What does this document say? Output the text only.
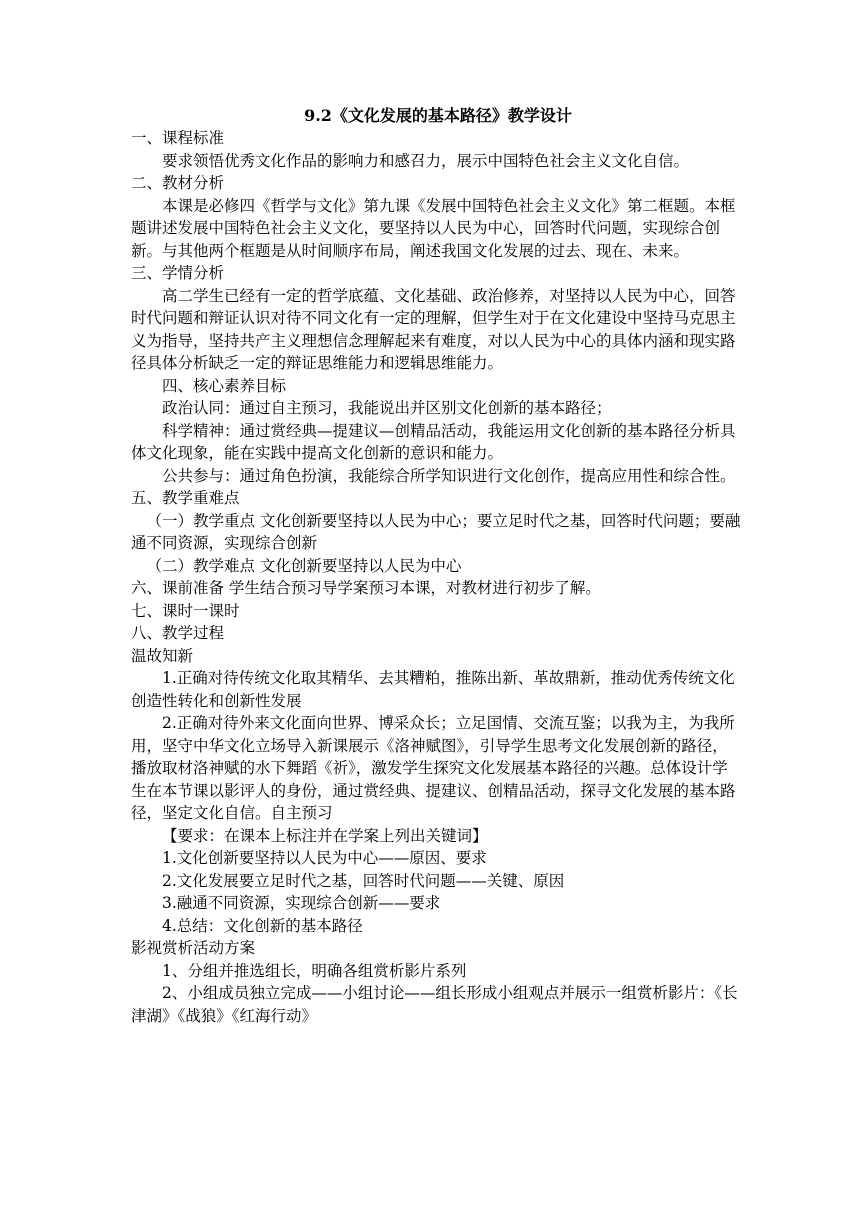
9.2《文化发展的基本路径》教学设计

一、课程标准

要求领悟优秀文化作品的影响力和感召力，展示中国特色社会主义文化自信。

二、教材分析

本课是必修四《哲学与文化》第九课《发展中国特色社会主义文化》第二框题。本框题讲述发展中国特色社会主义文化，要坚持以人民为中心，回答时代问题，实现综合创新。与其他两个框题是从时间顺序布局，阐述我国文化发展的过去、现在、未来。

三、学情分析

高二学生已经有一定的哲学底蕴、文化基础、政治修养，对坚持以人民为中心，回答时代问题和辩证认识对待不同文化有一定的理解，但学生对于在文化建设中坚持马克思主义为指导，坚持共产主义理想信念理解起来有难度，对以人民为中心的具体内涵和现实路径具体分析缺乏一定的辩证思维能力和逻辑思维能力。

四、核心素养目标

政治认同：通过自主预习，我能说出并区别文化创新的基本路径；

科学精神：通过赏经典—提建议—创精品活动，我能运用文化创新的基本路径分析具体文化现象，能在实践中提高文化创新的意识和能力。

公共参与：通过角色扮演，我能综合所学知识进行文化创作，提高应用性和综合性。

五、教学重难点

（一）教学重点 文化创新要坚持以人民为中心；要立足时代之基，回答时代问题；要融通不同资源，实现综合创新

（二）教学难点 文化创新要坚持以人民为中心

六、课前准备 学生结合预习导学案预习本课，对教材进行初步了解。

七、课时一课时

八、教学过程

温故知新

1.正确对待传统文化取其精华、去其糟粕，推陈出新、革故鼎新，推动优秀传统文化创造性转化和创新性发展

2.正确对待外来文化面向世界、博采众长；立足国情、交流互鉴；以我为主，为我所用，坚守中华文化立场导入新课展示《洛神赋图》，引导学生思考文化发展创新的路径，播放取材洛神赋的水下舞蹈《祈》，激发学生探究文化发展基本路径的兴趣。总体设计学生在本节课以影评人的身份，通过赏经典、提建议、创精品活动，探寻文化发展的基本路径，坚定文化自信。自主预习

【要求：在课本上标注并在学案上列出关键词】

1.文化创新要坚持以人民为中心——原因、要求

2.文化发展要立足时代之基，回答时代问题——关键、原因

3.融通不同资源，实现综合创新——要求

4.总结：文化创新的基本路径

影视赏析活动方案

1、分组并推选组长，明确各组赏析影片系列

2、小组成员独立完成——小组讨论——组长形成小组观点并展示一组赏析影片：《长津湖》《战狼》《红海行动》
